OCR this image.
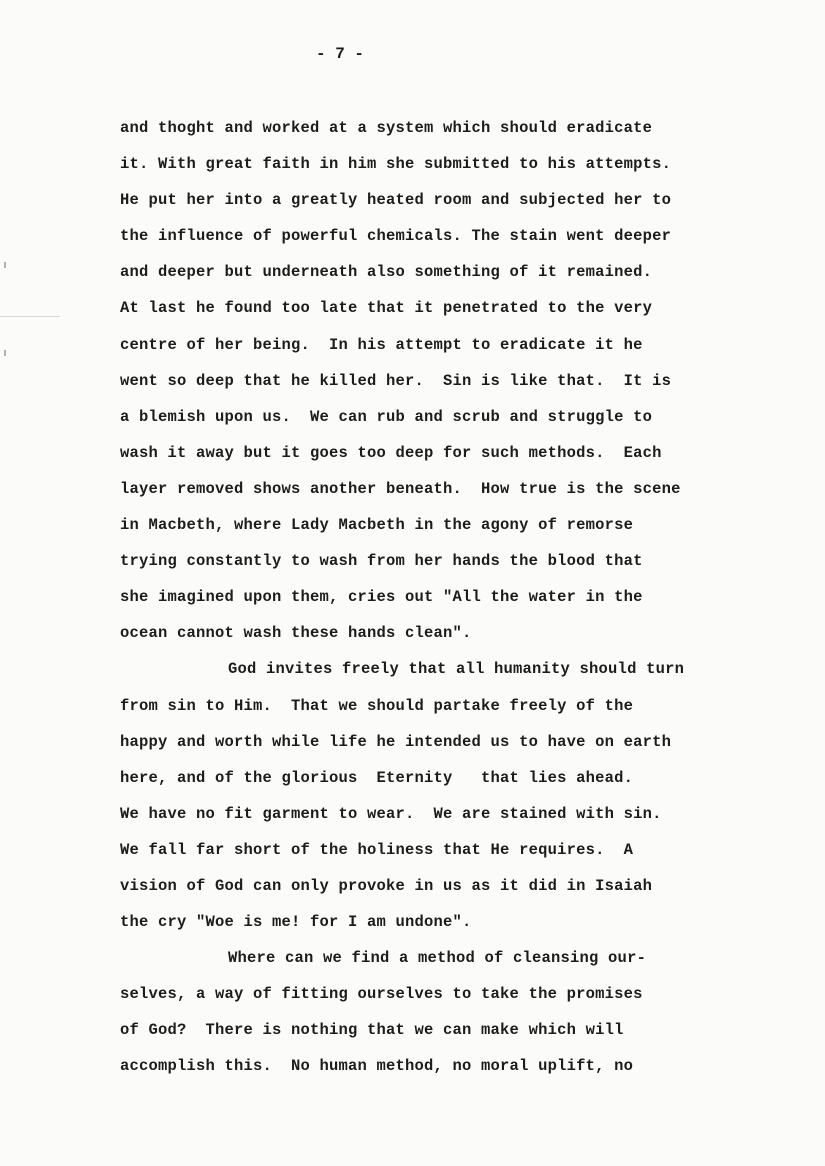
- 7 -
and thoght and worked at a system which should eradicate
it. With great faith in him she submitted to his attempts.
He put her into a greatly heated room and subjected her to
the influence of powerful chemicals. The stain went deeper
and deeper but underneath also something of it remained.
At last he found too late that it penetrated to the very
centre of her being.  In his attempt to eradicate it he
went so deep that he killed her.  Sin is like that.  It is
a blemish upon us.  We can rub and scrub and struggle to
wash it away but it goes too deep for such methods.  Each
layer removed shows another beneath.  How true is the scene
in Macbeth, where Lady Macbeth in the agony of remorse
trying constantly to wash from her hands the blood that
she imagined upon them, cries out "All the water in the
ocean cannot wash these hands clean".
God invites freely that all humanity should turn
from sin to Him.  That we should partake freely of the
happy and worth while life he intended us to have on earth
here, and of the glorious  Eternity   that lies ahead.
We have no fit garment to wear.  We are stained with sin.
We fall far short of the holiness that He requires.  A
vision of God can only provoke in us as it did in Isaiah
the cry "Woe is me! for I am undone".
Where can we find a method of cleansing our-
selves, a way of fitting ourselves to take the promises
of God?  There is nothing that we can make which will
accomplish this.  No human method, no moral uplift, no
